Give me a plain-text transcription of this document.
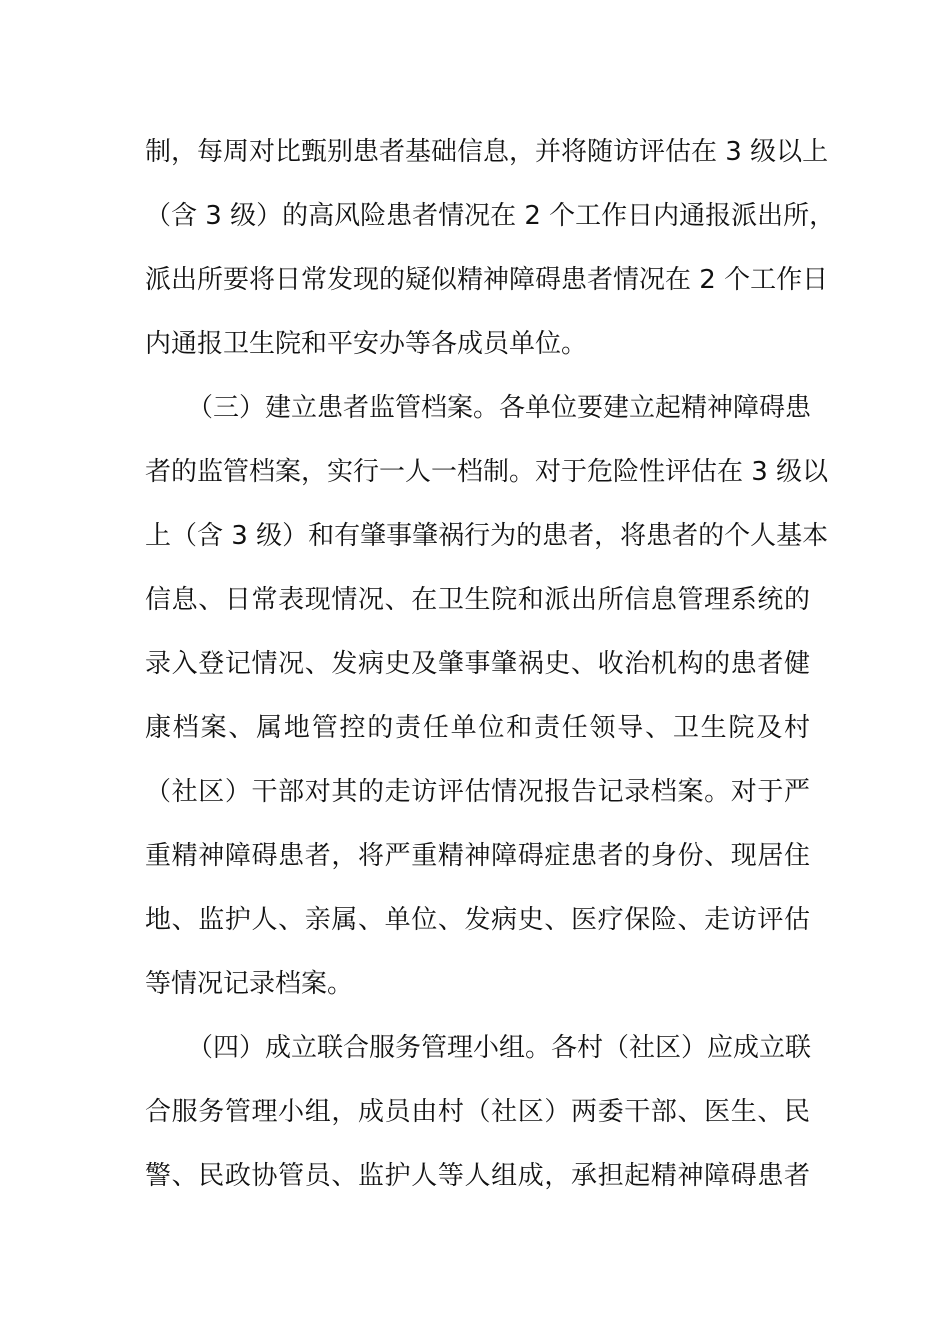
制，每周对比甄别患者基础信息，并将随访评估在 3 级以上
（含 3 级）的高风险患者情况在 2 个工作日内通报派出所，
派出所要将日常发现的疑似精神障碍患者情况在 2 个工作日
内通报卫生院和平安办等各成员单位。
（三）建立患者监管档案。各单位要建立起精神障碍患
者的监管档案，实行一人一档制。对于危险性评估在 3 级以
上（含 3 级）和有肇事肇祸行为的患者，将患者的个人基本
信息、日常表现情况、在卫生院和派出所信息管理系统的
录入登记情况、发病史及肇事肇祸史、收治机构的患者健
康档案、属地管控的责任单位和责任领导、卫生院及村
（社区）干部对其的走访评估情况报告记录档案。对于严
重精神障碍患者，将严重精神障碍症患者的身份、现居住
地、监护人、亲属、单位、发病史、医疗保险、走访评估
等情况记录档案。
（四）成立联合服务管理小组。各村（社区）应成立联
合服务管理小组，成员由村（社区）两委干部、医生、民
警、民政协管员、监护人等人组成，承担起精神障碍患者
